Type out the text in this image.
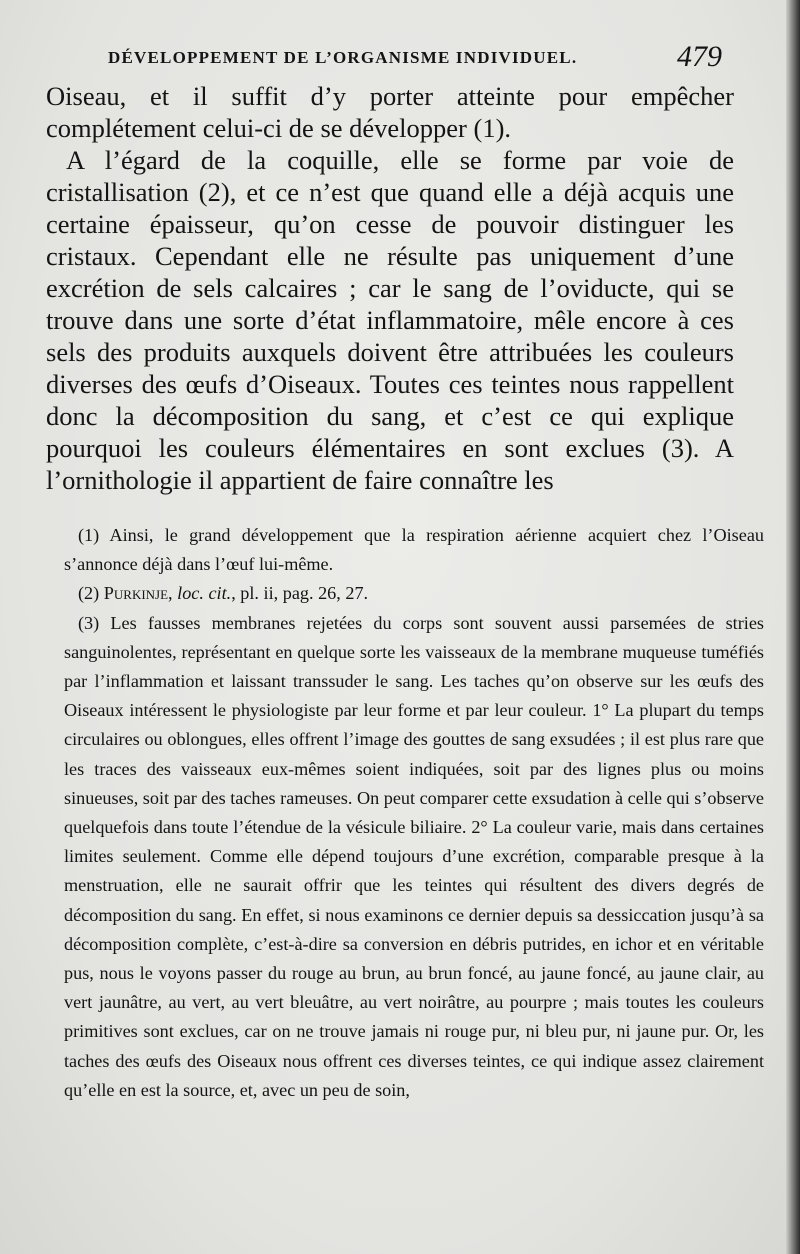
DÉVELOPPEMENT DE L’ORGANISME INDIVIDUEL.	479

Oiseau, et il suffit d’y porter atteinte pour empêcher complétement celui-ci de se développer (1).

A l’égard de la coquille, elle se forme par voie de cristallisation (2), et ce n’est que quand elle a déjà acquis une certaine épaisseur, qu’on cesse de pouvoir distinguer les cristaux. Cependant elle ne résulte pas uniquement d’une excrétion de sels calcaires ; car le sang de l’oviducte, qui se trouve dans une sorte d’état inflammatoire, mêle encore à ces sels des produits auxquels doivent être attribuées les couleurs diverses des œufs d’Oiseaux. Toutes ces teintes nous rappellent donc la décomposition du sang, et c’est ce qui explique pourquoi les couleurs élémentaires en sont exclues (3). A l’ornithologie il appartient de faire connaître les

(1) Ainsi, le grand développement que la respiration aérienne acquiert chez l’Oiseau s’annonce déjà dans l’œuf lui-même.

(2) Purkinje, loc. cit., pl. ii, pag. 26, 27.

(3) Les fausses membranes rejetées du corps sont souvent aussi parsemées de stries sanguinolentes, représentant en quelque sorte les vaisseaux de la membrane muqueuse tuméfiés par l’inflammation et laissant transsuder le sang. Les taches qu’on observe sur les œufs des Oiseaux intéressent le physiologiste par leur forme et par leur couleur. 1° La plupart du temps circulaires ou oblongues, elles offrent l’image des gouttes de sang exsudées ; il est plus rare que les traces des vaisseaux eux-mêmes soient indiquées, soit par des lignes plus ou moins sinueuses, soit par des taches rameuses. On peut comparer cette exsudation à celle qui s’observe quelquefois dans toute l’étendue de la vésicule biliaire. 2° La couleur varie, mais dans certaines limites seulement. Comme elle dépend toujours d’une excrétion, comparable presque à la menstruation, elle ne saurait offrir que les teintes qui résultent des divers degrés de décomposition du sang. En effet, si nous examinons ce dernier depuis sa dessiccation jusqu’à sa décomposition complète, c’est-à-dire sa conversion en débris putrides, en ichor et en véritable pus, nous le voyons passer du rouge au brun, au brun foncé, au jaune foncé, au jaune clair, au vert jaunâtre, au vert, au vert bleuâtre, au vert noirâtre, au pourpre ; mais toutes les couleurs primitives sont exclues, car on ne trouve jamais ni rouge pur, ni bleu pur, ni jaune pur. Or, les taches des œufs des Oiseaux nous offrent ces diverses teintes, ce qui indique assez clairement qu’elle en est la source, et, avec un peu de soin,
